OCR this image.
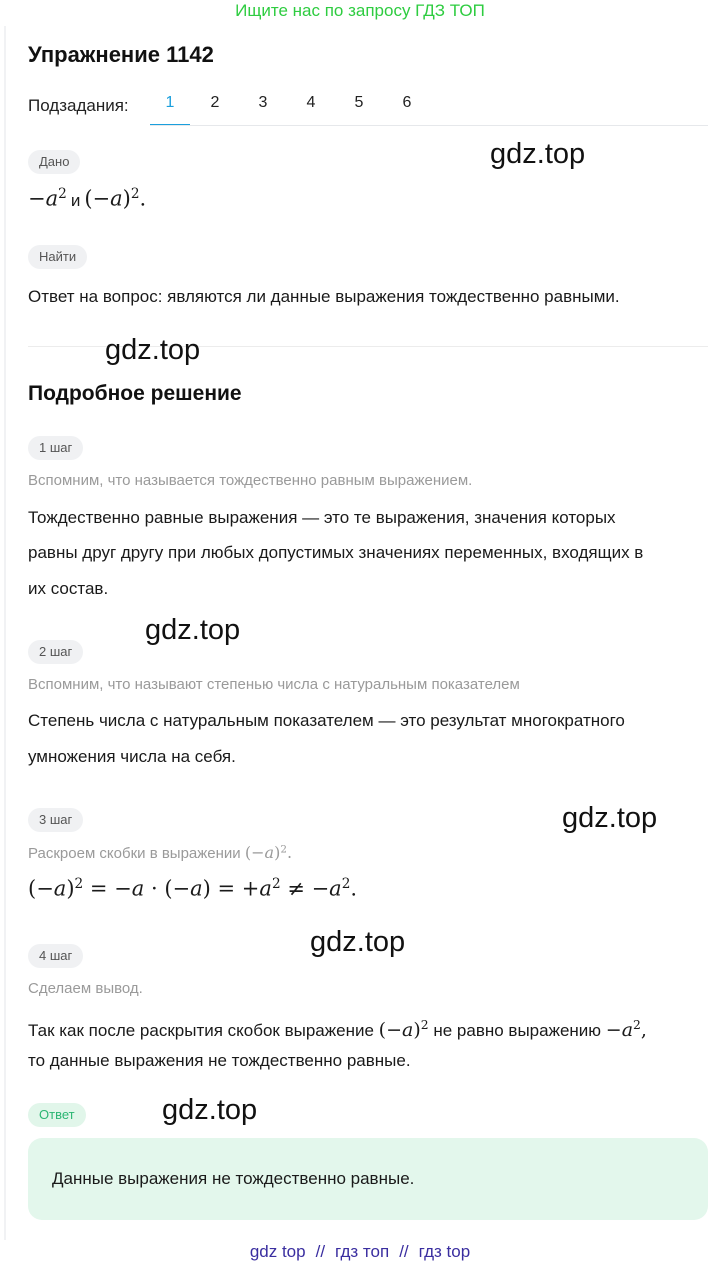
Ищите нас по запросу ГДЗ ТОП
Упражнение 1142
Подзадания:	1	2	3	4	5	6
Дано	gdz.top
$-a^2$ и $(-a)^2$.
Найти
Ответ на вопрос: являются ли данные выражения тождественно равными.
gdz.top
Подробное решение
1 шаг
Вспомним, что называется тождественно равным выражением.
Тождественно равные выражения — это те выражения, значения которых
равны друг другу при любых допустимых значениях переменных, входящих в
их состав.
gdz.top
2 шаг
Вспомним, что называют степенью числа с натуральным показателем
Степень числа с натуральным показателем — это результат многократного
умножения числа на себя.
gdz.top
3 шаг
Раскроем скобки в выражении $(-a)^2$.
$(-a)^2 = -a \cdot (-a) = +a^2 \ne -a^2$.
gdz.top
4 шаг
Сделаем вывод.
Так как после раскрытия скобок выражение $(-a)^2$ не равно выражению $-a^2$,
то данные выражения не тождественно равные.
Ответ	gdz.top
Данные выражения не тождественно равные.
gdz top // гдз топ // гдз top
